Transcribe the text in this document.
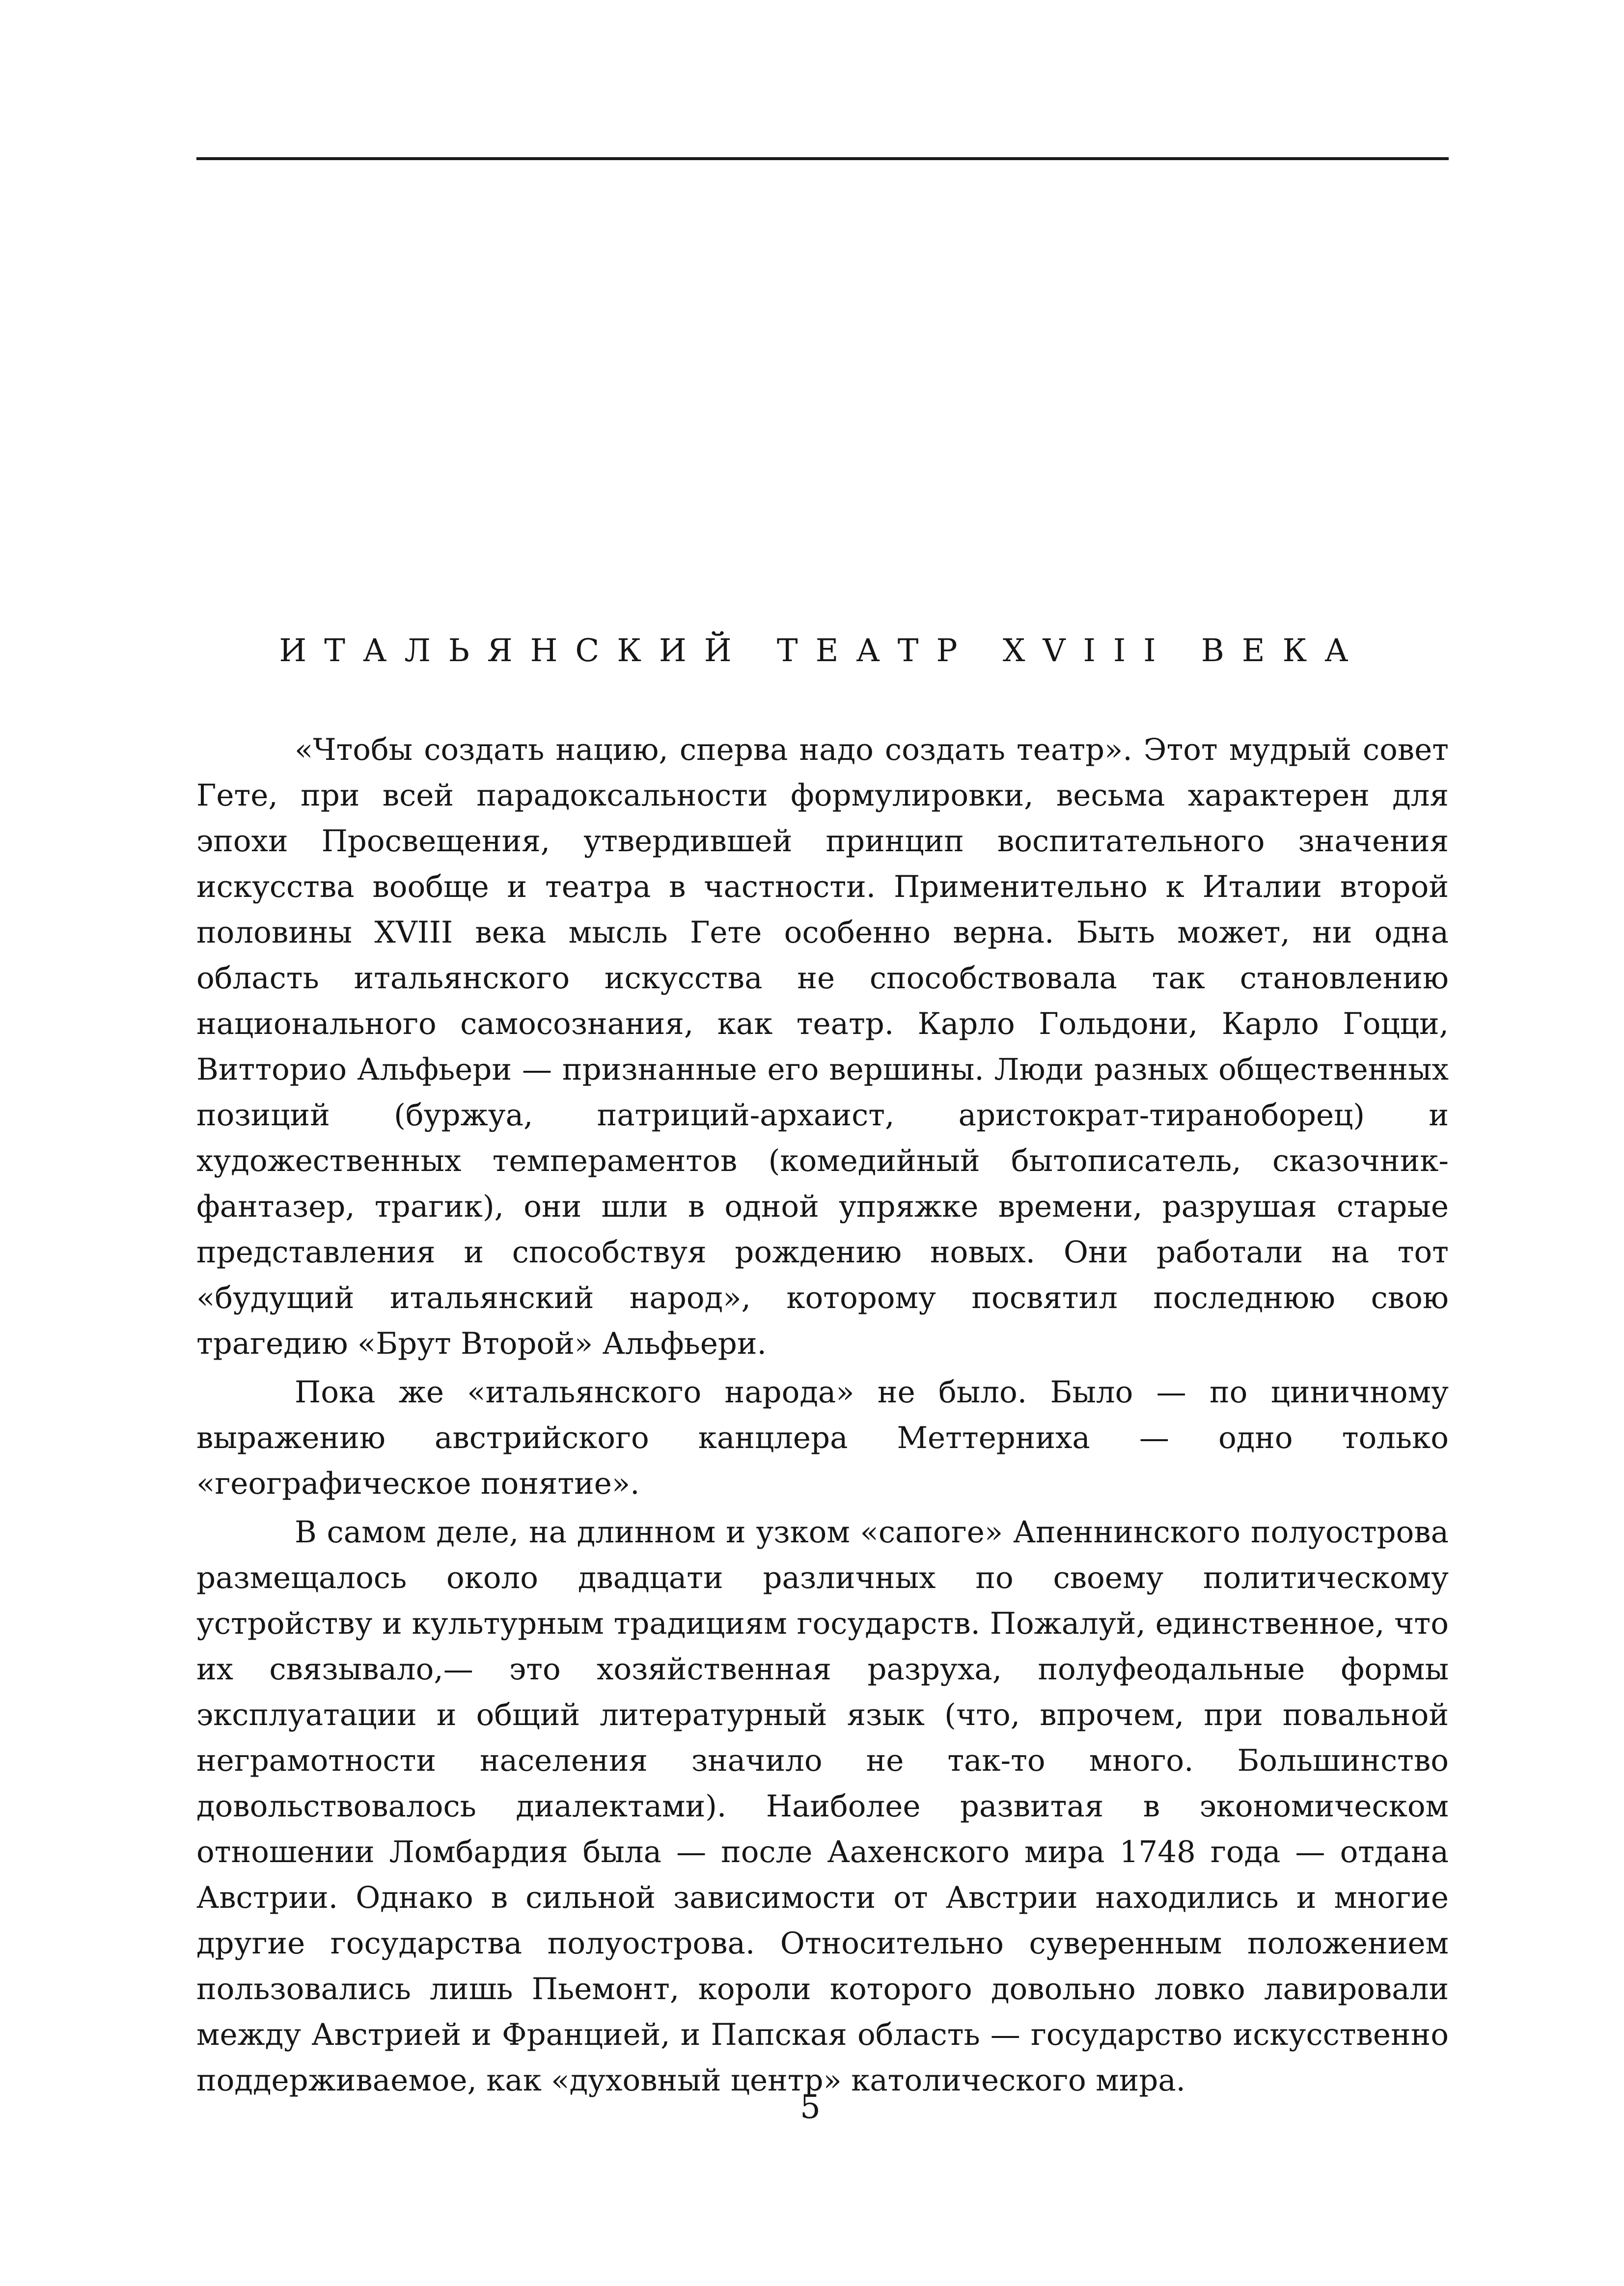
ИТАЛЬЯНСКИЙ ТЕАТР XVIII ВЕКА

«Чтобы создать нацию, сперва надо создать театр». Этот мудрый совет Гете, при всей парадоксальности формулировки, весьма характерен для эпохи Просвещения, утвердившей принцип воспитательного значения искусства вообще и театра в частности. Применительно к Италии второй половины XVIII века мысль Гете особенно верна. Быть может, ни одна область итальянского искусства не способствовала так становлению национального самосознания, как театр. Карло Гольдони, Карло Гоцци, Витторио Альфьери — признанные его вершины. Люди разных общественных позиций (буржуа, патриций-архаист, аристократ-тираноборец) и художественных темпераментов (комедийный бытописатель, сказочник-фантазер, трагик), они шли в одной упряжке времени, разрушая старые представления и способствуя рождению новых. Они работали на тот «будущий итальянский народ», которому посвятил последнюю свою трагедию «Брут Второй» Альфьери.

Пока же «итальянского народа» не было. Было — по циничному выражению австрийского канцлера Меттерниха — одно только «географическое понятие».

В самом деле, на длинном и узком «сапоге» Апеннинского полуострова размещалось около двадцати различных по своему политическому устройству и культурным традициям государств. Пожалуй, единственное, что их связывало,— это хозяйственная разруха, полуфеодальные формы эксплуатации и общий литературный язык (что, впрочем, при повальной неграмотности населения значило не так-то много. Большинство довольствовалось диалектами). Наиболее развитая в экономическом отношении Ломбардия была — после Аахенского мира 1748 года — отдана Австрии. Однако в сильной зависимости от Австрии находились и многие другие государства полуострова. Относительно суверенным положением пользовались лишь Пьемонт, короли которого довольно ловко лавировали между Австрией и Францией, и Папская область — государство искусственно поддерживаемое, как «духовный центр» католического мира.

5
